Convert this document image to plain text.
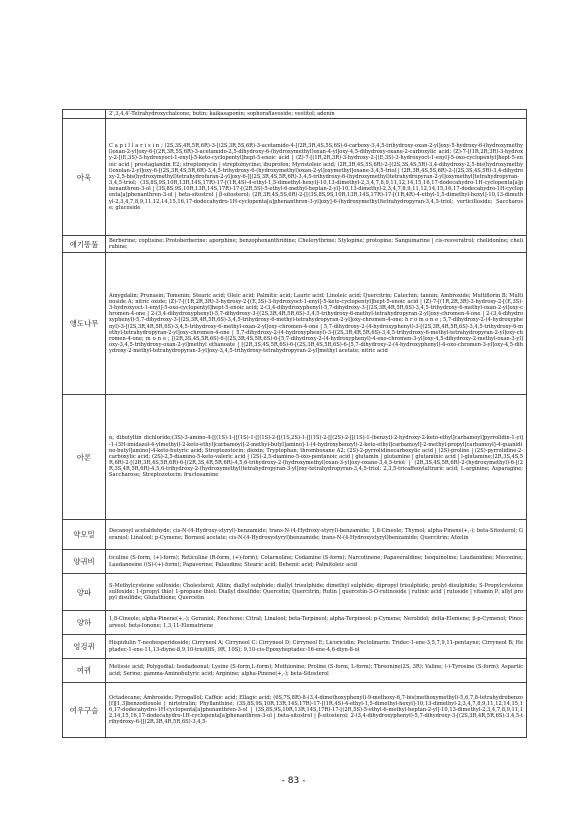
	2',3,4,4'-Tetrahydroxychalcone; butin; kaikasaponin; sophoraflavoside; vestitol; adenin

아욱	C a p i l l a r i s i n ; (2S,3S,4R,5R,6R)-3-[(2S,3R,5S,6R)-3-acetamido-4-[(2R,3R,4S,5S,6S)-6-carboxy-3,4,5-trihydroxy-oxan-2-yl]oxy-5-hydroxy-6-(hydroxymethyl)oxan-2-yl]oxy-6-[(2R,3R,5S,6R)-3-acetamido-2,5-dihydroxy-6-(hydroxymethyl)oxan-4-yl]oxy-4,5-dihydroxy-oxane-2-carboxylic acid; (Z)-7-[(1R,2R,3R)-3-hydroxy-2-[(E,3S)-3-hydroxyoct-1-enyl]-5-keto-cyclopentyl]hept-5-enoic acid | (Z)-7-[(1R,2R,3R)-3-hydroxy-2-[(E,3S)-3-hydroxyoct-1-enyl]-5-oxo-cyclopentyl]hept-5-enoic acid | prostaglandin E2; streptomycin | streptomycine; ibuprofen; Myristoleic acid; (2R,3R,4S,5S,6R)-2-[(2S,3S,4S,5R)-3,4-dihydroxy-2,5-bis(hydroxymethyl)oxolan-2-yl]oxy-6-[(2S,3R,4S,5R,6R)-3,4,5-trihydroxy-6-(hydroxymethyl)oxan-2-yl]oxymethyl]oxane-3,4,5-triol | (2R,3R,4S,5S,6R)-2-[(2S,3S,4S,5R)-3,4-dihydroxy-2,5-bis(hydroxymethyl)tetrahydrofuran-2-yl]oxy-6-[[(2S,3R,4S,5R,6R)-3,4,5-trihydroxy-6-(hydroxymethyl)tetrahydropyran-2-yl]oxymethyl]tetrahydropyran-3,4,5-triol; (3S,8S,9S,10R,13R,14S,17R)-17-[(1R,4S)-4-ethyl-1,5-dimethyl-hexyl]-10,13-dimethyl-2,3,4,7,8,9,11,12,14,15,16,17-dodecahydro-1H-cyclopenta[a]phenanthren-3-ol | (3S,8S,9S,10R,13R,14S,17R)-17-[(2R,5S)-5-ethyl-6-methyl-heptan-2-yl]-10,13-dimethyl-2,3,4,7,8,9,11,12,14,15,16,17-dodecahydro-1H-cyclopenta[a]phenanthren-3-ol | beta-sitostrol | β-sitosterol; (2R,3R,4S,5S,6R)-2-[[(3S,8S,9S,10R,13R,14S,17R)-17-[(1R,4R)-4-ethyl-1,5-dimethyl-hexyl]-10,13-dimethyl-2,3,4,7,8,9,11,12,14,15,16,17-dodecahydro-1H-cyclopenta[a]phenanthren-3-yl]oxy]-6-(hydroxymethyl)tetrahydropyran-3,4,5-triol; verticilloside; Saccharose; glucoside

애기똥풀	Berberine; coptisine; Protoberberine; aporphine; benzophenanthridine; Chelerythrine; Stylopine; protopine; Sanguinarine | cis-resveratrol; chelidonine; chelirubine;

앵도나무	Amygdalin; Prunasin; Tomenin; Stearic acid; Oleic acid; Palmitic acid; Lauric acid; Linoleic acid; Quercitrin; Catechin; tannin; Ambroxide; Multiflorin B; Multinoside A; nitric oxide; (Z)-7-[(1R,2R,3R)-3-hydroxy-2-[(E,3S)-3-hydroxyoct-1-enyl]-5-keto-cyclopentyl]hept-5-enoic acid | (Z)-7-[(1R,2R,3R)-3-hydroxy-2-[(E,3S)-3-hydroxyoct-1-enyl]-5-oxo-cyclopentyl]hept-5-enoic acid; 2-(3,4-dihydroxyphenyl)-5,7-dihydroxy-3-[(2S,3R,4R,5R,6S)-3,4,5-trihydroxy-6-methyl-oxan-2-yl]oxy-chromen-4-one | 2-(3,4-dihydroxyphenyl)-5,7-dihydroxy-3-[(2S,3R,4R,5R,6S)-3,4,5-trihydroxy-6-methyl-tetrahydropyran-2-yl]oxy-chromen-4-one | 2-(3,4-dihydroxyphenyl)-5,7-dihydroxy-3-[(2S,3R,4R,5R,6S)-3,4,5-trihydroxy-6-methyl-tetrahydropyran-2-yl]oxy-chromen-4-one; h r o m o n e ; 5,7-dihydroxy-2-(4-hydroxyphenyl)-3-[(2S,3R,4R,5R,6S)-3,4,5-trihydroxy-6-methyl-oxan-2-yl]oxy-chromen-4-one | 5,7-dihydroxy-2-(4-hydroxyphenyl)-3-[(2S,3R,4R,5R,6S)-3,4,5-trihydroxy-6-methyl-tetrahydropyran-2-yl]oxy-chromen-4-one | 5,7-dihydroxy-2-(4-hydroxyphenyl)-3-[(2S,3R,4R,5R,6S)-3,4,5-trihydroxy-6-methyl-tetrahydropyran-2-yl]oxy-chromen-4-one; m o n e ; [(2R,3S,4S,5R,6S)-6-[(2S,3R,4S,5R,6S)-6-[5,7-dihydroxy-2-(4-hydroxyphenyl)-4-oxo-chromen-3-yl]oxy-4,5-dihydroxy-2-methyl-oxan-3-yl]oxy-3,4,5-trihydroxy-oxan-2-yl]methyl ethanoate | [(2R,3S,4S,5R,6S)-6-[(2S,3R,4S,5R,6S)-6-[5,7-dihydroxy-2-(4-hydroxyphenyl)-4-oxo-chromen-3-yl]oxy-4,5-dihydroxy-2-methyl-tetrahydropyran-3-yl]oxy-3,4,5-trihydroxy-tetrahydropyran-2-yl]methyl acetate; nitric acid

아론	n; dibutyltin dichloride;(3S)-3-amino-4-[[(1S)-1-[[(1S)-1-[[(1S)-2-[[(1S,2S)-1-[[(1S)-2-[[(2S)-2-[[(1S)-1-(benzyl)-2-hydroxy-2-keto-ethyl]carbamoyl]pyrrolidin-1-yl]-1-(3H-imidazol-4-ylmethyl)-2-keto-ethyl]carbamoyl]-2-methyl-butyl]amino]-1-(4-hydroxybenzyl)-2-keto-ethyl]carbamoyl]-2-methyl-propyl]carbamoyl]-4-guanidino-butyl]amino]-4-keto-butyric acid; Streptozotocin; dioxin; Tryptophan; thromboxane A2; (2S)-2-pyrrolidinecarboxylic acid | (2S)-proline | (2S)-pyrrolidine-2-carboxylic acid; (2S)-2,5-diamino-5-keto-valeric acid | (2S)-2,5-diamino-5-oxo-pentanoic acid | glutamin | glutamine | glutaminic acid | l-glutamine;(2R,3S,4S,5R,6R)-2-[(2R,3R,4S,5R,6R)-6-[(2R,3S,4R,5R,6R)-4,5,6-trihydroxy-2-(hydroxymethyl)oxan-3-yl]oxy-oxane-3,4,5-triol | (2R,3S,4S,5R,6R)-2-(hydroxymethyl)-6-[(2R,3S,4R,5R,6R)-4,5,6-trihydroxy-2-(hydroxymethyl)tetrahydropyran-3-yl]oxy-tetrahydropyran-3,4,5-triol; 2,3,5-tricaffeoylaltraric acid; L-arginine; Asparagine; Saccharose; Streptozotocin; fructosamine

약모밀	Decanoyl acetaldehyde; cis-N-(4-Hydroxy-styryl)-benzamide; trans-N-(4-Hydroxy-styryl)-benzamide; 1,8-Cineole; Thymol; alpha-Pinene(+,-); beta-Sitosterol; Geraniol; Linalool; p-Cymene; Borneol acetate; cis-N-(4-Hydroxystyryl)benzamide; trans-N-(4-Hydroxystyryl)benzamide; Quercitrin; Afzelin

양귀비	ticuline (S-form, (+)-form); Reticuline (R-form, (+)-form); Cotarnoline; Codamine (S-form); Narcotinene; Papaveraldine; Isoquinoline; Laudanidine; Meconine; Laudanosine ((S)-(+)-form); Papaverine; Palaudine; Stearic acid; Behenic acid; Palmitoleic acid

양파	S-Methylcysteine sulfoxide; Cholesterol; Alliin; diallyl sulphide; diallyl trisulphide; dimethyl sulphide; dipropyl trisulphide; prolyl disulphide; S-Propylcysteine sulfoxide; 1-(propyl thio) 1-propane thiol; Diallyl disulfide; Quercetin; Quercitrin; Rutin | quercetin-3-O-rutinoside | rutinic acid | rutoside | vitamin P; allyl propyl disulfide; Glutathione; Quercetin

양하	1,8-Cineole; alpha-Pinene(+,-); Geraniol; Fenchone; Citral; Linalool; beta-Terpineol; alpha-Terpineol; p-Cymene; Nerolidol; delta-Elemene; β-p-Cymenol; Pinocarveol; beta-Ionone; 1,3,11-Elematriene

엉겅퀴	Hispidulin 7-neohesperidoside; Cirryneol A; Cirryneol C; Cirryneol D; Cirryneol E; Licoricidin; Pectolinarin; Tridec-1-ene-3,5,7,9,11-pentayne; Cirryneol B; Heptadec-1-ene-11,13-diyne-8,9,10-triol(8S, 9R, 10S); 9,10-cis-Epoxyheptadec-16-ene-4,6-diyn-8-ol

여뀌	Melissic acid; Polygodial; Isodadeonal; Lysine (S-form,L-form); Methionine; Proline (S-form, L-form); Threonine(2S, 3R); Valine; (-)-Tyrosine (S-form); Aspartic acid; Serine; gamma-Aminobutyric acid; Arginine; alpha-Pinene(+,-); beta-Sitosterol

여우구슬	Octadecane; Ambroside; Pyrogallol; Caffeic acid; Ellagic acid; (6S,7S,8R)-8-(3,4-dimethoxyphenyl)-9-methoxy-6,7-bis(methoxymethyl)-5,6,7,8-tetrahydrobenzo[f][1,3]benzodioxole | nirtetralin; Phyllanthine; (3S,8S,9S,10R,13R,14S,17R)-17-[(1R,4S)-4-ethyl-1,5-dimethyl-hexyl]-10,13-dimethyl-2,3,4,7,8,9,11,12,14,15,16,17-dodecahydro-1H-cyclopenta[a]phenanthren-3-ol | (3S,8S,9S,10R,13R,14S,17R)-17-[(2R,5S)-5-ethyl-6-methyl-heptan-2-yl]-10,13-dimethyl-2,3,4,7,8,9,11,12,14,15,16,17-dodecahydro-1H-cyclopenta[a]phenanthren-3-ol | beta-sitostrol | β-sitosterol; 2-(3,4-dihydroxyphenyl)-5,7-dihydroxy-3-[(2S,3R,4R,5R,6S)-3,4,5-trihydroxy-6-[[(2R,3R,4R,5R,6S)-3,4,5-
- 83 -
